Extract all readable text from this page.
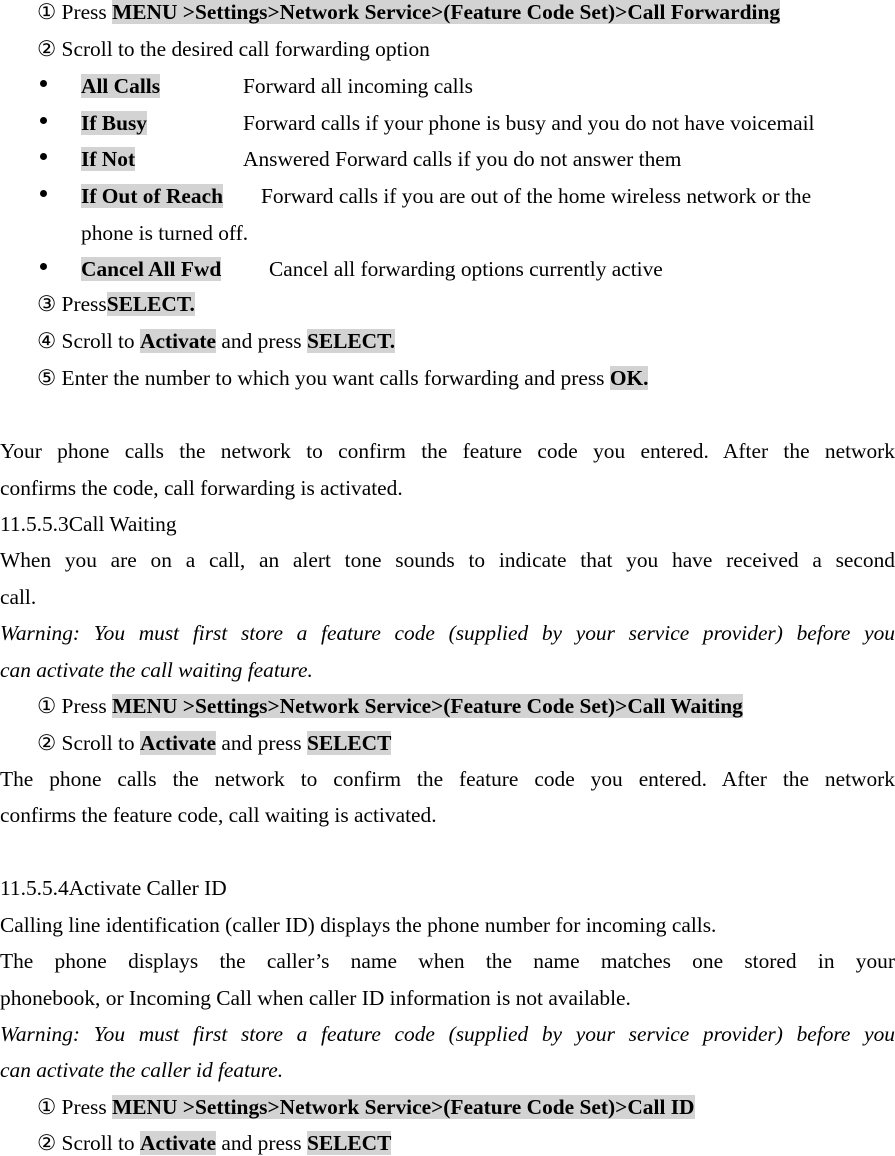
① Press MENU >Settings>Network Service>(Feature Code Set)>Call Forwarding
② Scroll to the desired call forwarding option
All Calls	Forward all incoming calls
If Busy	Forward calls if your phone is busy and you do not have voicemail
If Not	Answered Forward calls if you do not answer them
If Out of Reach Forward calls if you are out of the home wireless network or the
phone is turned off.
Cancel All Fwd Cancel all forwarding options currently active
③ PressSELECT.
④ Scroll to Activate and press SELECT.
⑤ Enter the number to which you want calls forwarding and press OK.
Your phone calls the network to confirm the feature code you entered. After the network
confirms the code, call forwarding is activated.
11.5.5.3Call Waiting
When you are on a call, an alert tone sounds to indicate that you have received a second
call.
Warning: You must first store a feature code (supplied by your service provider) before you
can activate the call waiting feature.
① Press MENU >Settings>Network Service>(Feature Code Set)>Call Waiting
② Scroll to Activate and press SELECT
The phone calls the network to confirm the feature code you entered. After the network
confirms the feature code, call waiting is activated.
11.5.5.4Activate Caller ID
Calling line identification (caller ID) displays the phone number for incoming calls.
The phone displays the caller’s name when the name matches one stored in your
phonebook, or Incoming Call when caller ID information is not available.
Warning: You must first store a feature code (supplied by your service provider) before you
can activate the caller id feature.
① Press MENU >Settings>Network Service>(Feature Code Set)>Call ID
② Scroll to Activate and press SELECT
